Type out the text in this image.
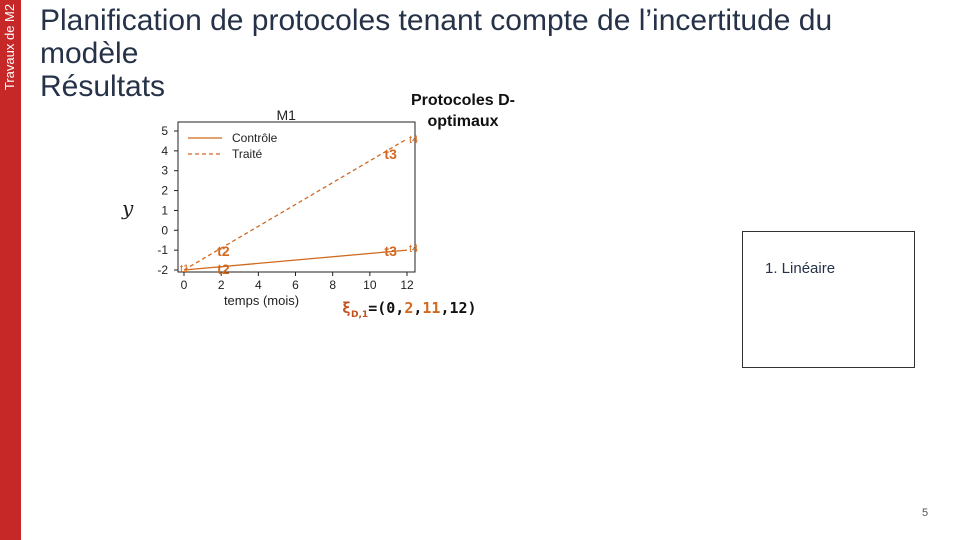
Travaux de M2 Planification de protocoles tenant compte de l’incertitude du
modèle
Résultats	Protocoles D-
optimaux
M1
5
4
3
2
1
0
-1
-2
0	2	4	6	8 10 12
temps (mois)
y
Contrôle
Traité
t1 t2
t2	t3 t4
t3
t4
$\xi_{D,1}=(0,2,11,12)$
1. Linéaire
5
